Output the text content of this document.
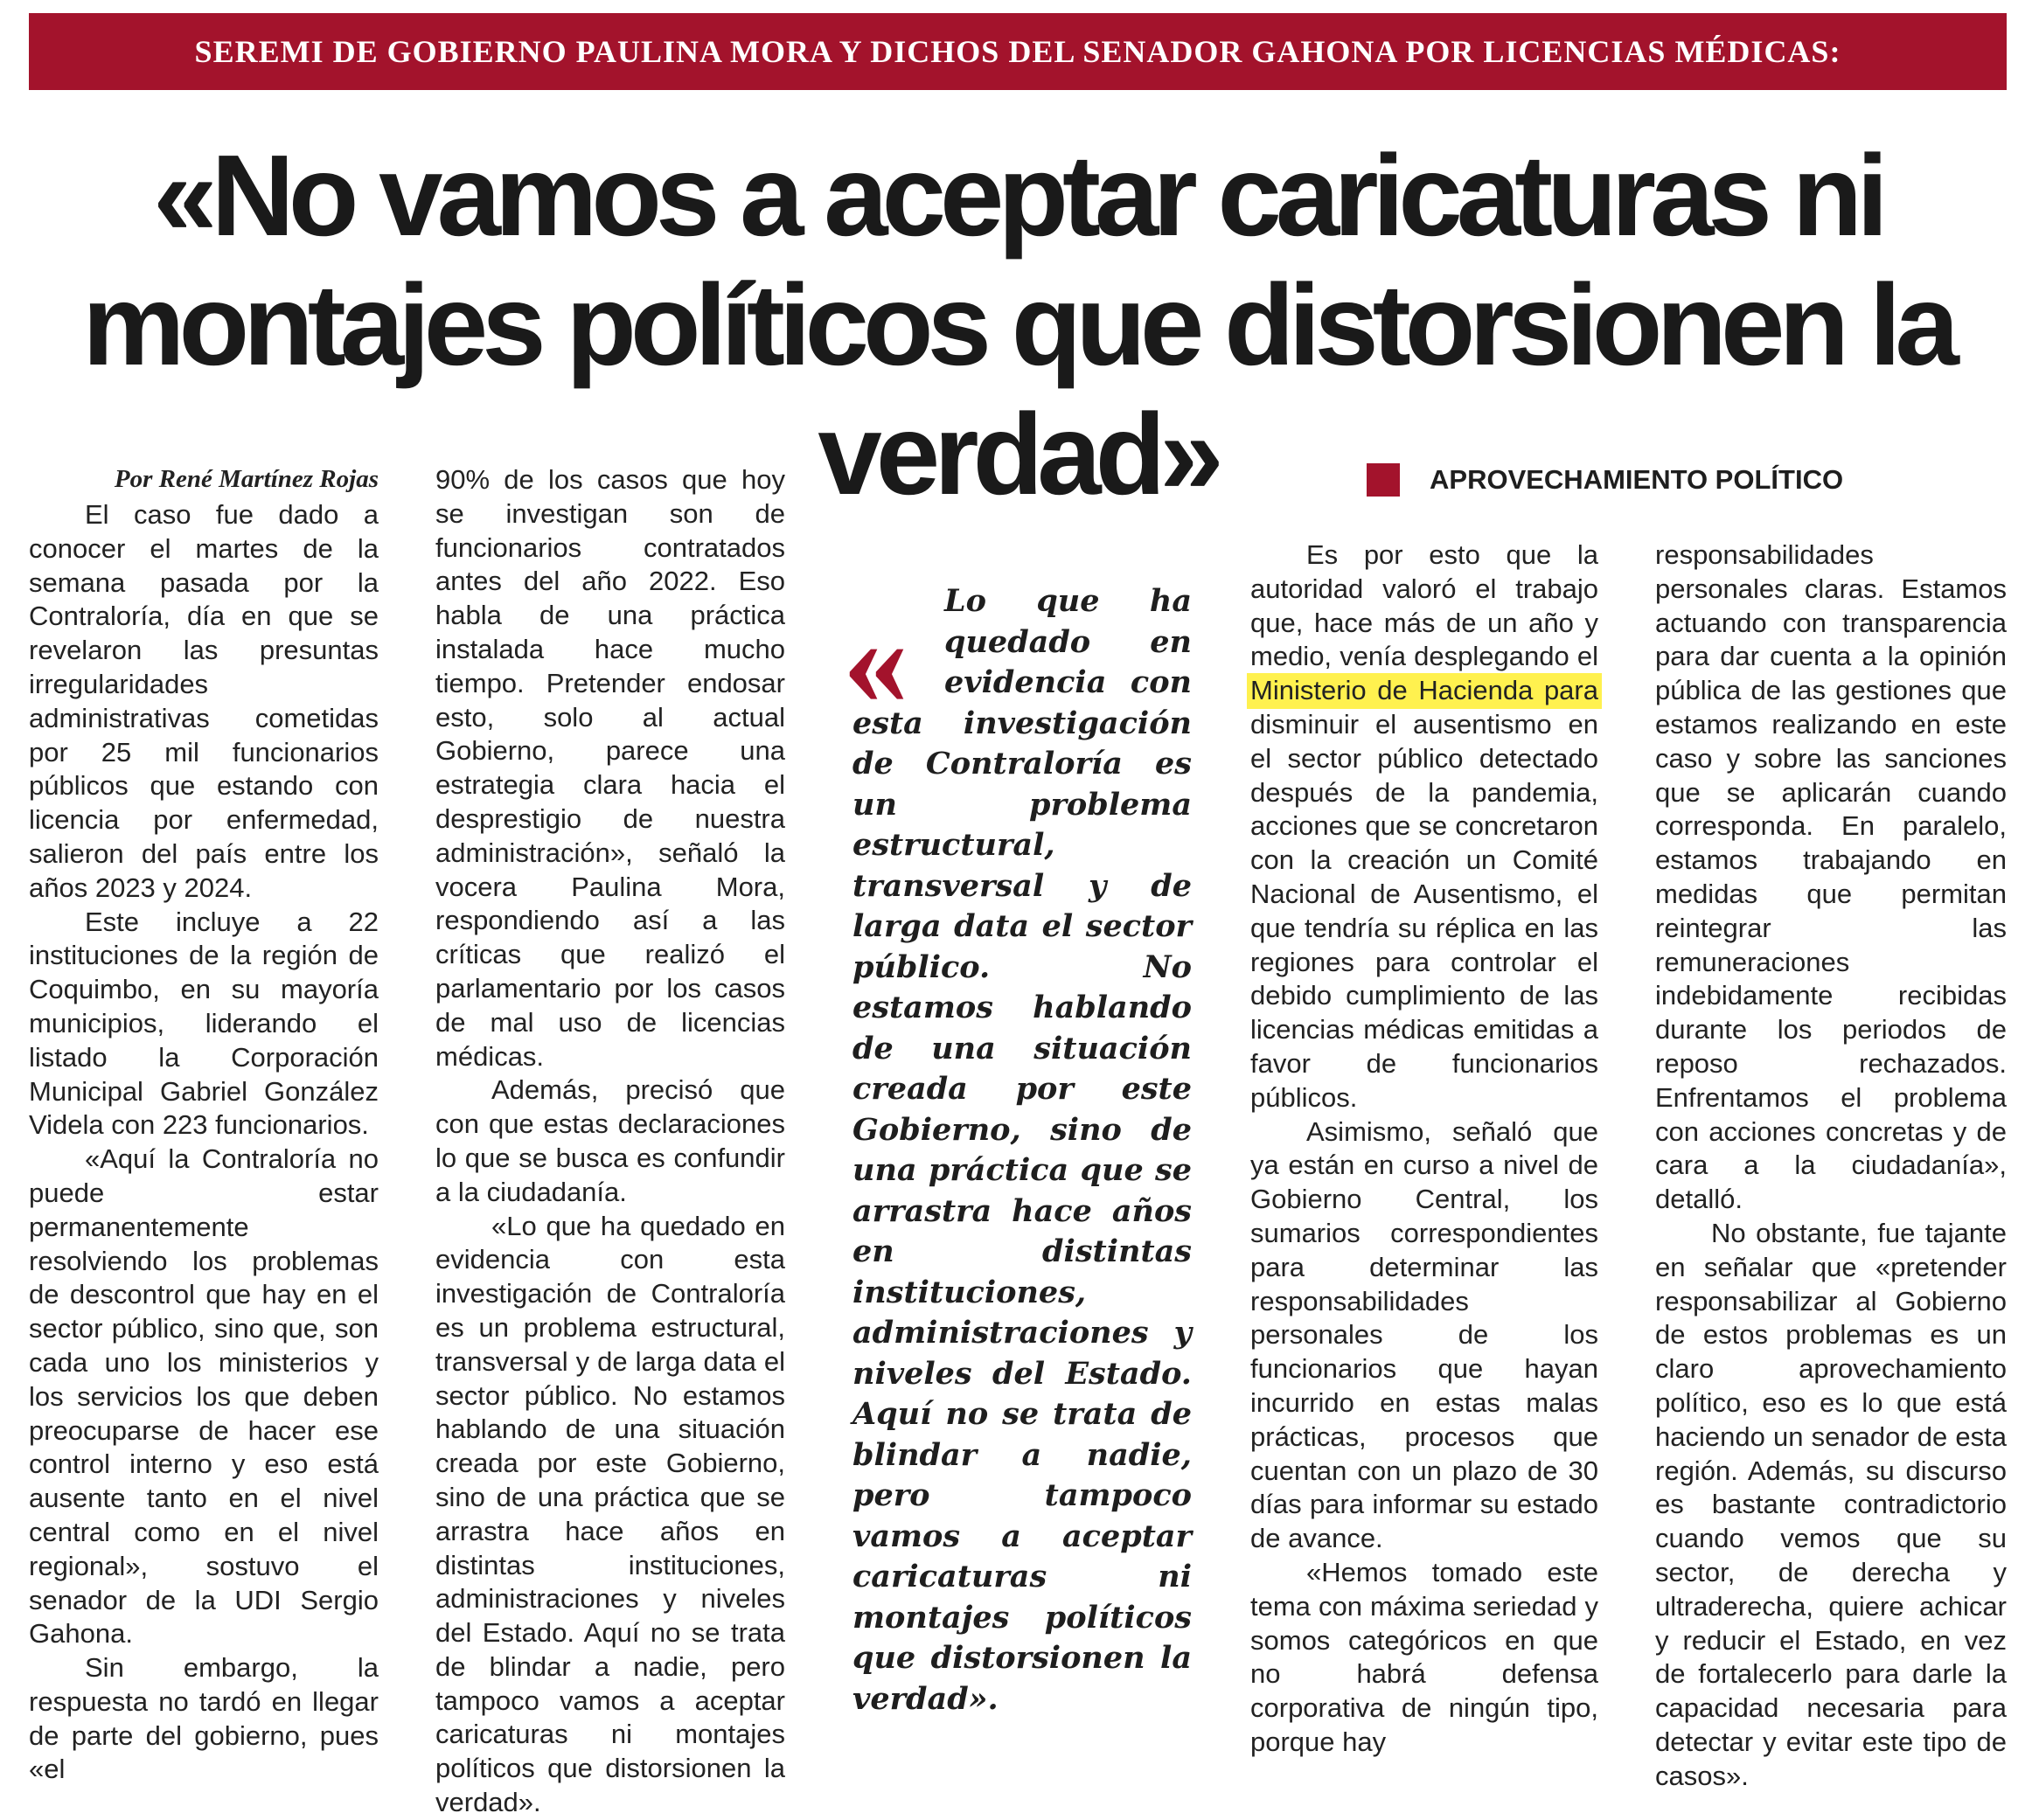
SEREMI DE GOBIERNO PAULINA MORA Y DICHOS DEL SENADOR GAHONA POR LICENCIAS MÉDICAS:
«No vamos a aceptar caricaturas ni montajes políticos que distorsionen la verdad»
Por René Martínez Rojas

El caso fue dado a conocer el martes de la semana pasada por la Contraloría, día en que se revelaron las presuntas irregularidades administrativas cometidas por 25 mil funcionarios públicos que estando con licencia por enfermedad, salieron del país entre los años 2023 y 2024.

Este incluye a 22 instituciones de la región de Coquimbo, en su mayoría municipios, liderando el listado la Corporación Municipal Gabriel González Videla con 223 funcionarios.

«Aquí la Contraloría no puede estar permanentemente resolviendo los problemas de descontrol que hay en el sector público, sino que, son cada uno los ministerios y los servicios los que deben preocuparse de hacer ese control interno y eso está ausente tanto en el nivel central como en el nivel regional», sostuvo el senador de la UDI Sergio Gahona.

Sin embargo, la respuesta no tardó en llegar de parte del gobierno, pues «el

90% de los casos que hoy se investigan son de funcionarios contratados antes del año 2022. Eso habla de una práctica instalada hace mucho tiempo. Pretender endosar esto, solo al actual Gobierno, parece una estrategia clara hacia el desprestigio de nuestra administración», señaló la vocera Paulina Mora, respondiendo así a las críticas que realizó el parlamentario por los casos de mal uso de licencias médicas.

Además, precisó que con que estas declaraciones lo que se busca es confundir a la ciudadanía.

«Lo que ha quedado en evidencia con esta investigación de Contraloría es un problema estructural, transversal y de larga data el sector público. No estamos hablando de una situación creada por este Gobierno, sino de una práctica que se arrastra hace años en distintas instituciones, administraciones y niveles del Estado. Aquí no se trata de blindar a nadie, pero tampoco vamos a aceptar caricaturas ni montajes políticos que distorsionen la verdad».

«	Lo que ha quedado en evidencia con esta investigación de Contraloría es un problema estructural, transversal y de larga data el sector público. No estamos hablando de una situación creada por este Gobierno, sino de una práctica que se arrastra hace años en distintas instituciones, administraciones y niveles del Estado. Aquí no se trata de blindar a nadie, pero tampoco vamos a aceptar caricaturas ni montajes políticos que distorsionen la verdad».
APROVECHAMIENTO POLÍTICO

Es por esto que la autoridad valoró el trabajo que, hace más de un año y medio, venía desplegando el Ministerio de Hacienda para disminuir el ausentismo en el sector público detectado después de la pandemia, acciones que se concretaron con la creación un Comité Nacional de Ausentismo, el que tendría su réplica en las regiones para controlar el debido cumplimiento de las licencias médicas emitidas a favor de funcionarios públicos.

Asimismo, señaló que ya están en curso a nivel de Gobierno Central, los sumarios correspondientes para determinar las responsabilidades personales de los funcionarios que hayan incurrido en estas malas prácticas, procesos que cuentan con un plazo de 30 días para informar su estado de avance.

«Hemos tomado este tema con máxima seriedad y somos categóricos en que no habrá defensa corporativa de ningún tipo, porque hay

responsabilidades personales claras. Estamos actuando con transparencia para dar cuenta a la opinión pública de las gestiones que estamos realizando en este caso y sobre las sanciones que se aplicarán cuando corresponda. En paralelo, estamos trabajando en medidas que permitan reintegrar las remuneraciones indebidamente recibidas durante los periodos de reposo rechazados. Enfrentamos el problema con acciones concretas y de cara a la ciudadanía», detalló.

No obstante, fue tajante en señalar que «pretender responsabilizar al Gobierno de estos problemas es un claro aprovechamiento político, eso es lo que está haciendo un senador de esta región. Además, su discurso es bastante contradictorio cuando vemos que su sector, de derecha y ultraderecha, quiere achicar y reducir el Estado, en vez de fortalecerlo para darle la capacidad necesaria para detectar y evitar este tipo de casos».
